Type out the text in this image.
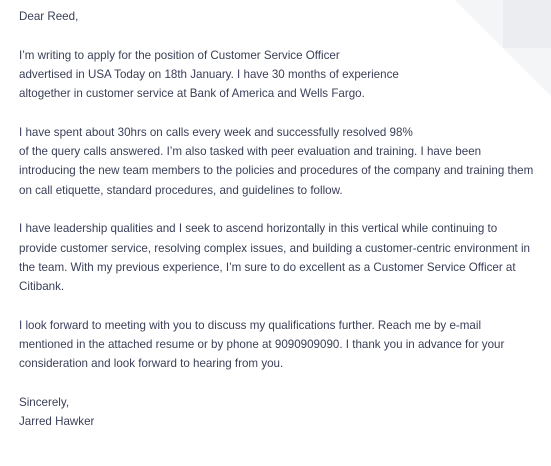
Dear Reed,

I’m writing to apply for the position of Customer Service Officer
advertised in USA Today on 18th January. I have 30 months of experience
altogether in customer service at Bank of America and Wells Fargo.

I have spent about 30hrs on calls every week and successfully resolved 98%
of the query calls answered. I’m also tasked with peer evaluation and training. I have been
introducing the new team members to the policies and procedures of the company and training them
on call etiquette, standard procedures, and guidelines to follow.

I have leadership qualities and I seek to ascend horizontally in this vertical while continuing to
provide customer service, resolving complex issues, and building a customer-centric environment in
the team. With my previous experience, I’m sure to do excellent as a Customer Service Officer at
Citibank.

I look forward to meeting with you to discuss my qualifications further. Reach me by e-mail
mentioned in the attached resume or by phone at 9090909090. I thank you in advance for your
consideration and look forward to hearing from you.

Sincerely,
Jarred Hawker
